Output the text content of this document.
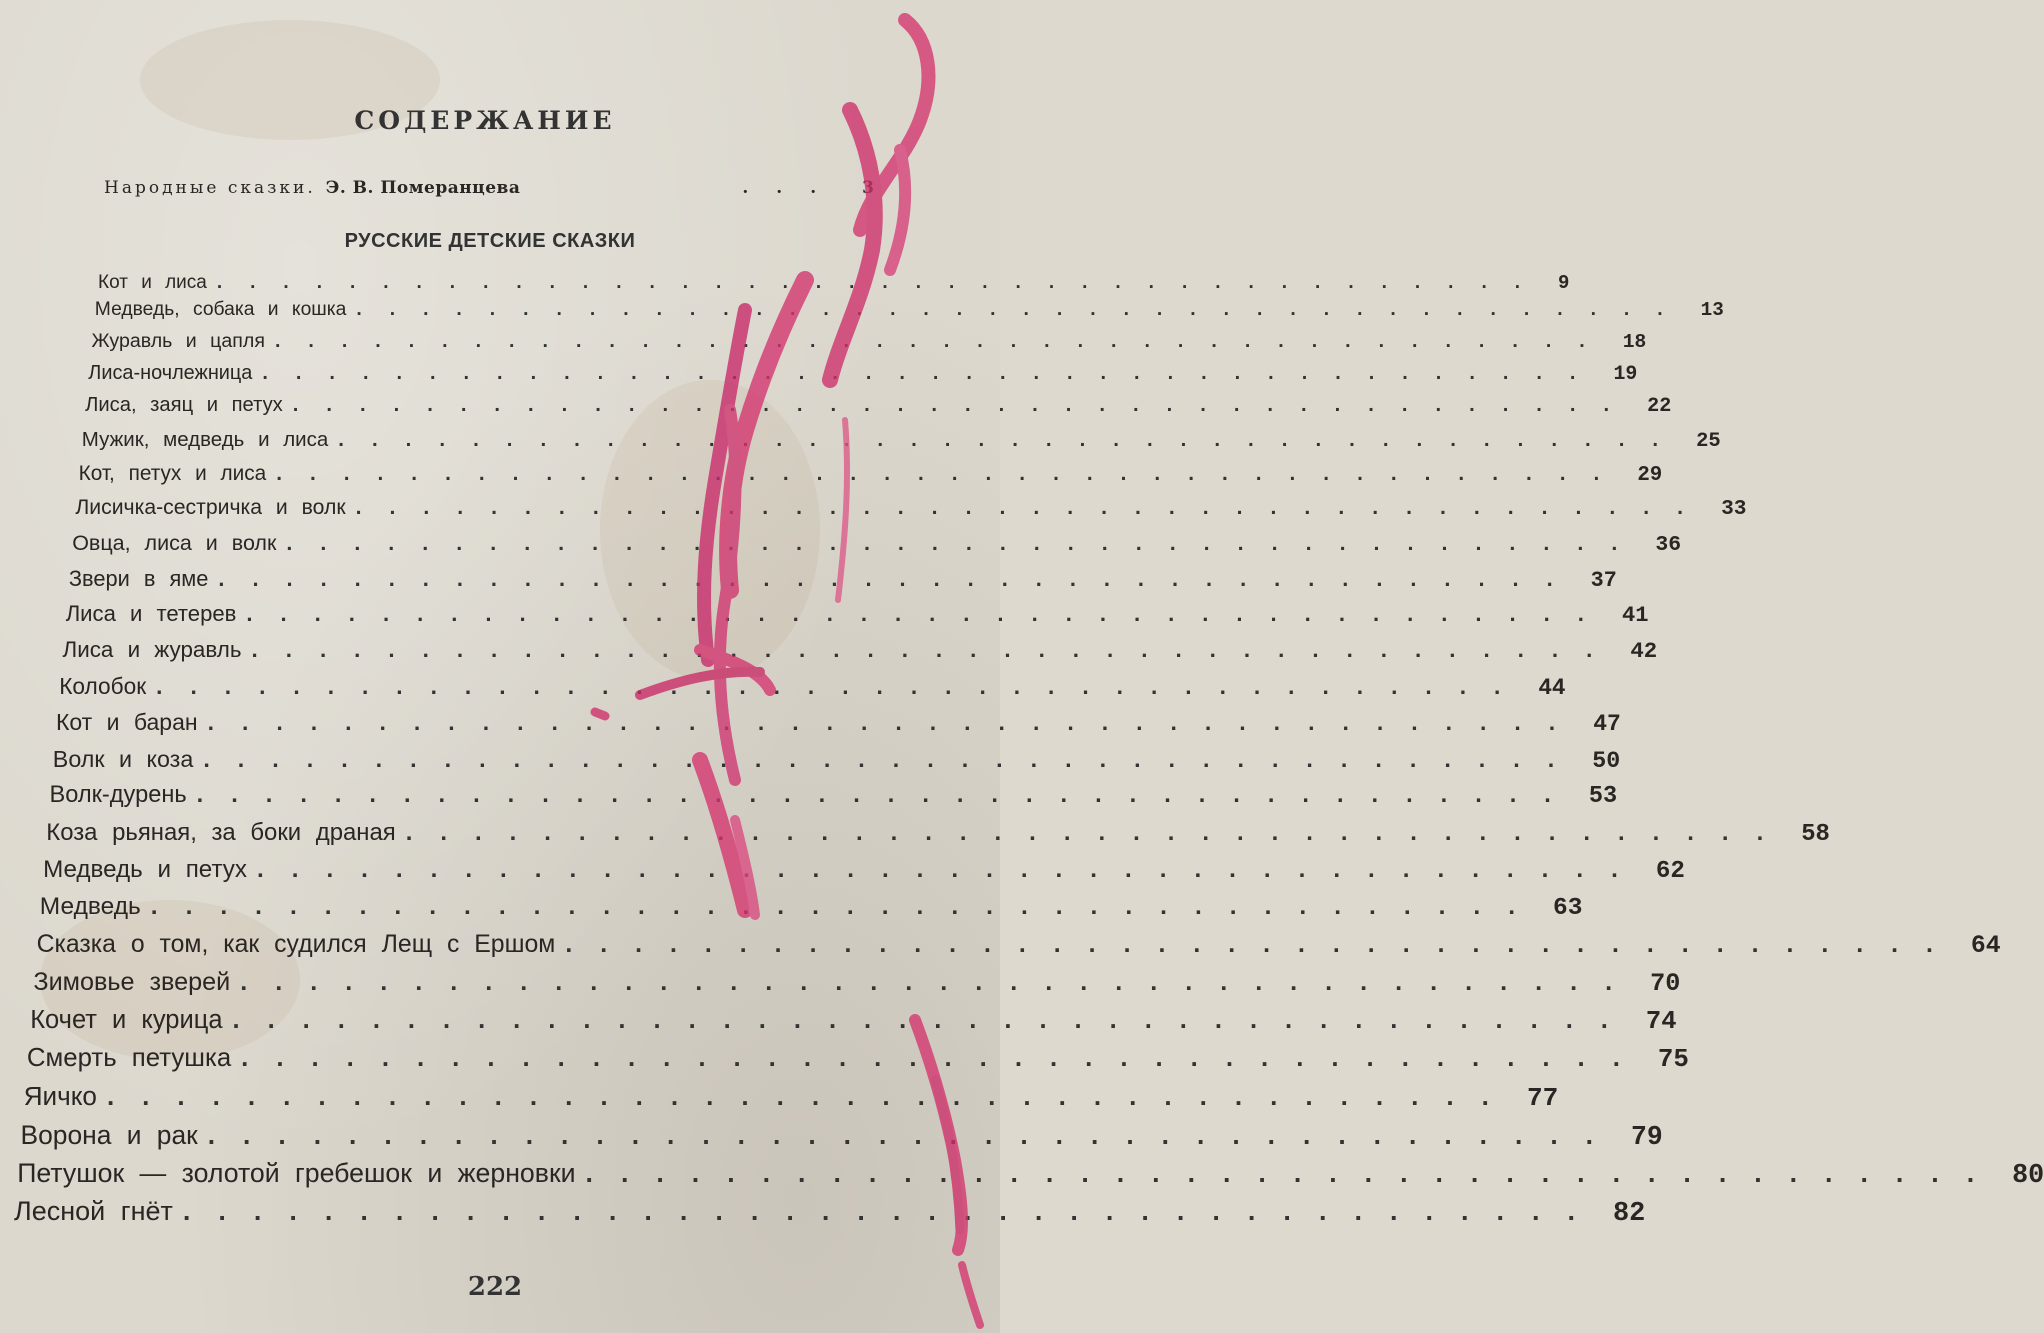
СОДЕРЖАНИЕ
Народные сказки. Э. В. Померанцева	...	3
РУССКИЕ ДЕТСКИЕ СКАЗКИ
Кот и лиса ........................................ 9
Медведь, собака и кошка ........................................ 13
Журавль и цапля ........................................ 18
Лиса-ночлежница ........................................ 19
Лиса, заяц и петух ........................................ 22
Мужик, медведь и лиса ........................................ 25
Кот, петух и лиса ........................................ 29
Лисичка-сестричка и волк ........................................ 33
Овца, лиса и волк ........................................ 36
Звери в яме ........................................ 37
Лиса и тетерев ........................................ 41
Лиса и журавль ........................................ 42
Колобок ........................................ 44
Кот и баран ........................................ 47
Волк и коза ........................................ 50
Волк-дурень ........................................ 53
Коза рьяная, за боки драная ........................................ 58
Медведь и петух ........................................ 62
Медведь ........................................ 63
Сказка о том, как судился Лещ с Ершом ........................................ 64
Зимовье зверей ........................................ 70
Кочет и курица ........................................ 74
Смерть петушка ........................................ 75
Яичко ........................................ 77
Ворона и рак ........................................ 79
Петушок — золотой гребешок и жерновки ........................................ 80
Лесной гнёт ........................................ 82
222
